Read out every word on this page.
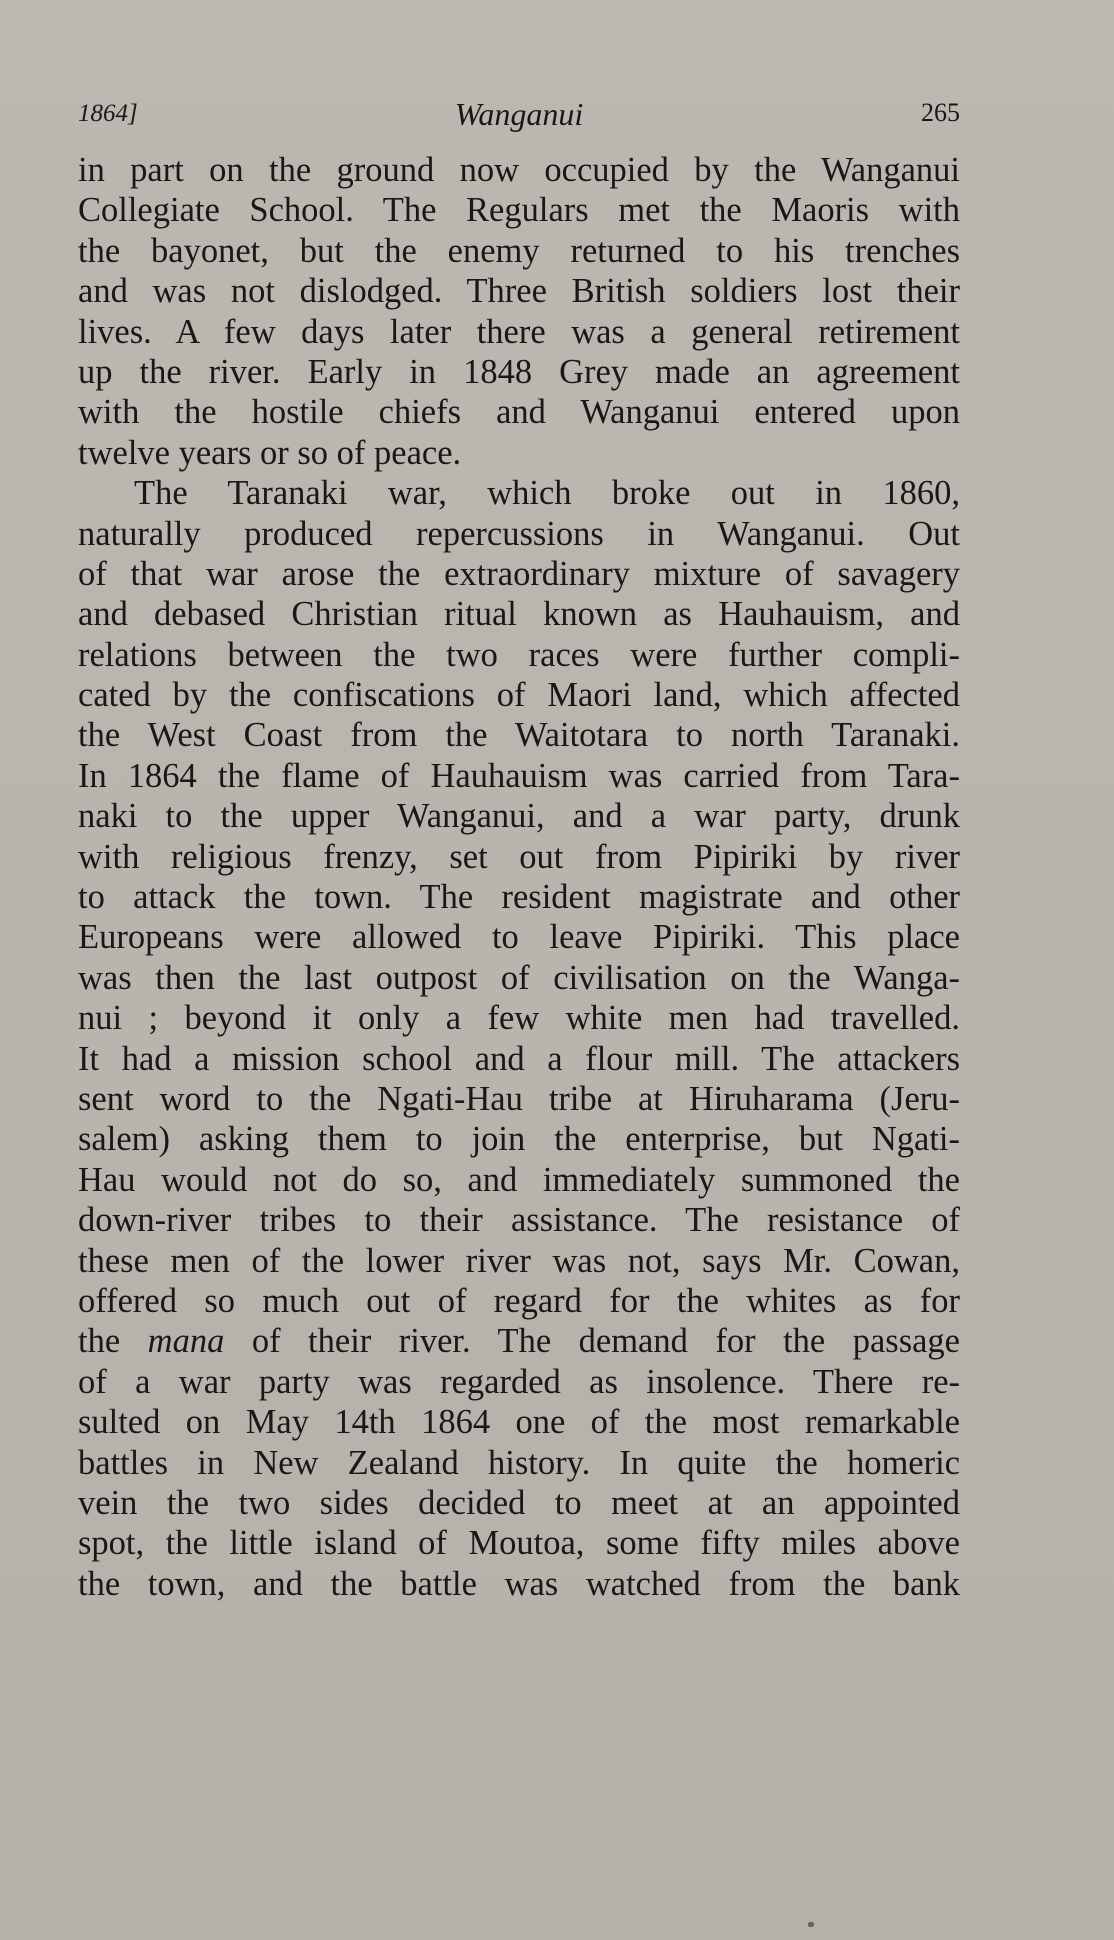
1864]	Wanganui	265
in part on the ground now occupied by the Wanganui
Collegiate School. The Regulars met the Maoris with
the bayonet, but the enemy returned to his trenches
and was not dislodged. Three British soldiers lost their
lives. A few days later there was a general retirement
up the river. Early in 1848 Grey made an agreement
with the hostile chiefs and Wanganui entered upon
twelve years or so of peace.
The Taranaki war, which broke out in 1860,
naturally produced repercussions in Wanganui. Out
of that war arose the extraordinary mixture of savagery
and debased Christian ritual known as Hauhauism, and
relations between the two races were further compli-
cated by the confiscations of Maori land, which affected
the West Coast from the Waitotara to north Taranaki.
In 1864 the flame of Hauhauism was carried from Tara-
naki to the upper Wanganui, and a war party, drunk
with religious frenzy, set out from Pipiriki by river
to attack the town. The resident magistrate and other
Europeans were allowed to leave Pipiriki. This place
was then the last outpost of civilisation on the Wanga-
nui ; beyond it only a few white men had travelled.
It had a mission school and a flour mill. The attackers
sent word to the Ngati-Hau tribe at Hiruharama (Jeru-
salem) asking them to join the enterprise, but Ngati-
Hau would not do so, and immediately summoned the
down-river tribes to their assistance. The resistance of
these men of the lower river was not, says Mr. Cowan,
offered so much out of regard for the whites as for
the mana of their river. The demand for the passage
of a war party was regarded as insolence. There re-
sulted on May 14th 1864 one of the most remarkable
battles in New Zealand history. In quite the homeric
vein the two sides decided to meet at an appointed
spot, the little island of Moutoa, some fifty miles above
the town, and the battle was watched from the bank
